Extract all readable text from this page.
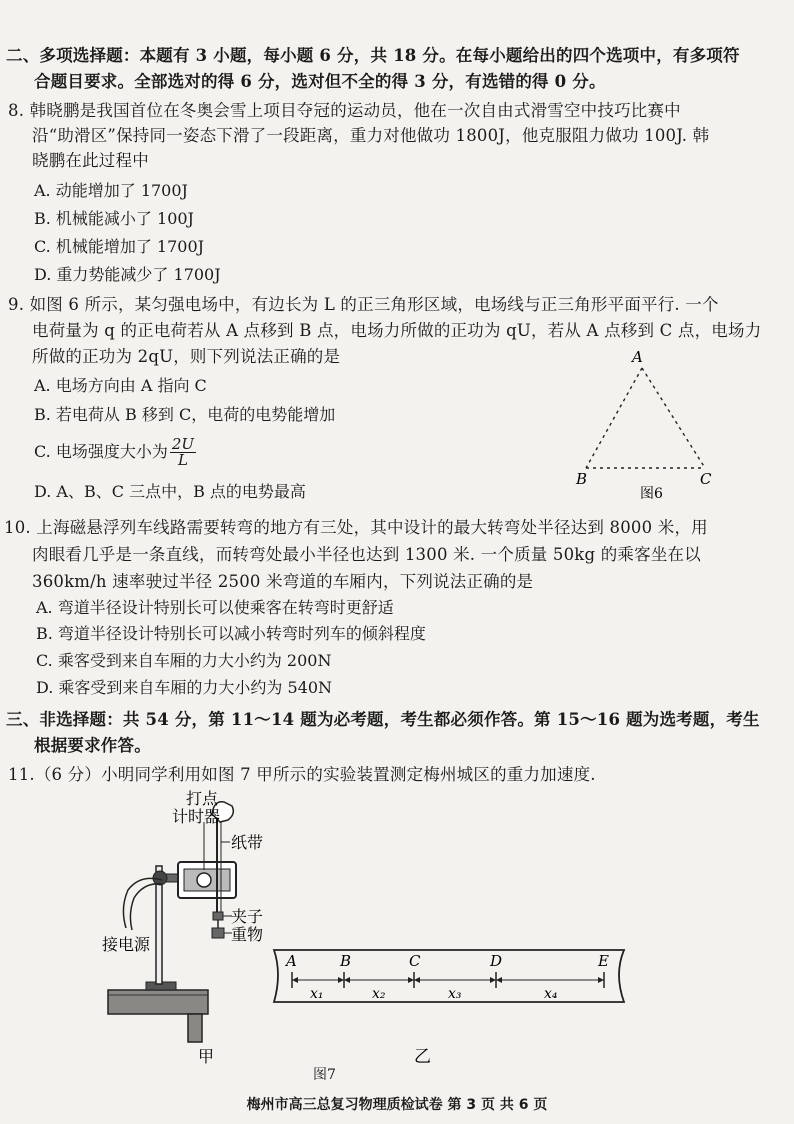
二、多项选择题：本题有 3 小题，每小题 6 分，共 18 分。在每小题给出的四个选项中，有多项符
合题目要求。全部选对的得 6 分，选对但不全的得 3 分，有选错的得 0 分。
8. 韩晓鹏是我国首位在冬奥会雪上项目夺冠的运动员，他在一次自由式滑雪空中技巧比赛中
沿“助滑区”保持同一姿态下滑了一段距离，重力对他做功 1800J，他克服阻力做功 100J. 韩
晓鹏在此过程中
A. 动能增加了 1700J
B. 机械能减小了 100J
C. 机械能增加了 1700J
D. 重力势能减少了 1700J
9. 如图 6 所示，某匀强电场中，有边长为 L 的正三角形区域，电场线与正三角形平面平行. 一个
电荷量为 q 的正电荷若从 A 点移到 B 点，电场力所做的正功为 qU，若从 A 点移到 C 点，电场力
所做的正功为 2qU，则下列说法正确的是
A. 电场方向由 A 指向 C
B. 若电荷从 B 移到 C，电荷的电势能增加
C. 电场强度大小为 $\frac{2U}{L}$
D. A、B、C 三点中，B 点的电势最高
A
B	C
图6
10. 上海磁悬浮列车线路需要转弯的地方有三处，其中设计的最大转弯处半径达到 8000 米，用
肉眼看几乎是一条直线，而转弯处最小半径也达到 1300 米. 一个质量 50kg 的乘客坐在以
360km/h 速率驶过半径 2500 米弯道的车厢内，下列说法正确的是
A. 弯道半径设计特别长可以使乘客在转弯时更舒适
B. 弯道半径设计特别长可以减小转弯时列车的倾斜程度
C. 乘客受到来自车厢的力大小约为 200N
D. 乘客受到来自车厢的力大小约为 540N
三、非选择题：共 54 分，第 11～14 题为必考题，考生都必须作答。第 15～16 题为选考题，考生
根据要求作答。
11.（6 分）小明同学利用如图 7 甲所示的实验装置测定梅州城区的重力加速度.
打点
计时器
纸带
夹子
重物
接电源
甲
A	B	C	D	E
x₁	x₂	x₃	x₄
乙
图7
梅州市高三总复习物理质检试卷 第 3 页 共 6 页
